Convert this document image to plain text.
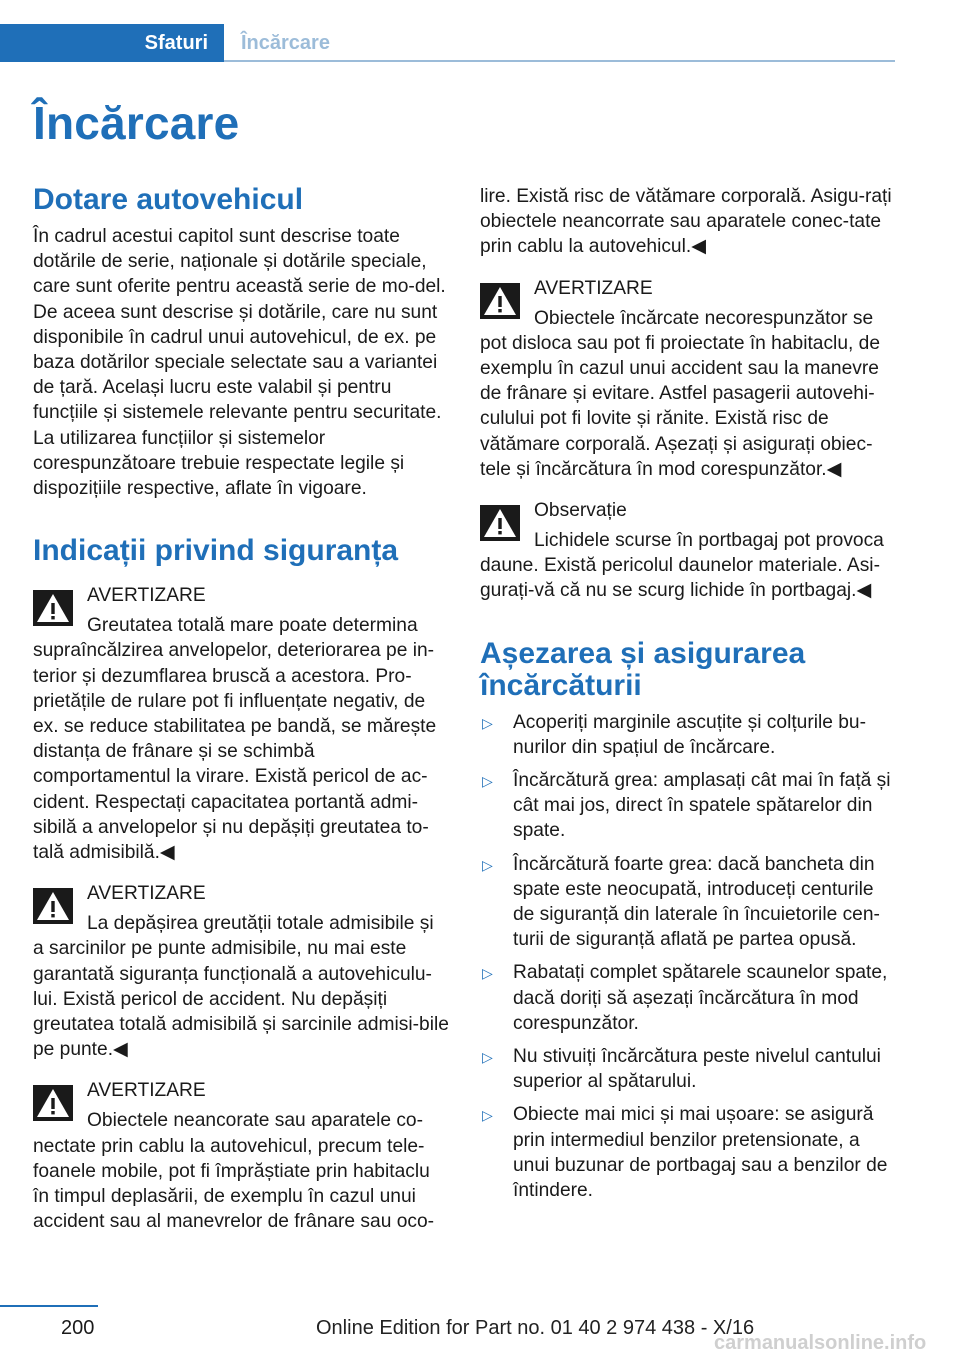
Sfaturi	Încărcare
Încărcare
Dotare autovehicul

În cadrul acestui capitol sunt descrise toate dotările de serie, naționale și dotările speciale, care sunt oferite pentru această serie de mo‐del. De aceea sunt descrise și dotările, care nu sunt disponibile în cadrul unui autovehicul, de ex. pe baza dotărilor speciale selectate sau a variantei de țară. Același lucru este valabil și pentru funcțiile și sistemele relevante pentru securitate. La utilizarea funcțiilor și sistemelor corespunzătoare trebuie respectate legile și dispozițiile respective, aflate în vigoare.

Indicații privind siguranța
AVERTIZARE
Greutatea totală mare poate determina
supraîncălzirea anvelopelor, deteriorarea pe in‐terior și dezumflarea bruscă a acestora. Pro‐prietățile de rulare pot fi influențate negativ, de ex. se reduce stabilitatea pe bandă, se mărește distanța de frânare și se schimbă comportamentul la virare. Există pericol de ac‐cident. Respectați capacitatea portantă admi‐sibilă a anvelopelor și nu depășiți greutatea to‐tală admisibilă.◀
AVERTIZARE
La depășirea greutății totale admisibile și
a sarcinilor pe punte admisibile, nu mai este garantată siguranța funcțională a autovehiculu‐lui. Există pericol de accident. Nu depășiți greutatea totală admisibilă și sarcinile admisi‐bile pe punte.◀
AVERTIZARE
Obiectele neancorate sau aparatele co‐
nectate prin cablu la autovehicul, precum tele‐foanele mobile, pot fi împrăștiate prin habitaclu în timpul deplasării, de exemplu în cazul unui accident sau al manevrelor de frânare sau oco‐

lire. Există risc de vătămare corporală. Asigu‐rați obiectele neancorrate sau aparatele conec‐tate prin cablu la autovehicul.◀

AVERTIZARE
Obiectele încărcate necorespunzător se
pot disloca sau pot fi proiectate în habitaclu, de exemplu în cazul unui accident sau la manevre de frânare și evitare. Astfel pasagerii autovehi‐culului pot fi lovite și rănite. Există risc de vătămare corporală. Așezați și asigurați obiec‐tele și încărcătura în mod corespunzător.◀
Observație
Lichidele scurse în portbagaj pot provoca
daune. Există pericolul daunelor materiale. Asi‐gurați-vă că nu se scurg lichide în portbagaj.◀
Așezarea și asigurarea încărcăturii
▷	Acoperiți marginile ascuțite și colțurile bu‐nurilor din spațiul de încărcare.
▷	Încărcătură grea: amplasați cât mai în față și cât mai jos, direct în spatele spătarelor din spate.
▷	Încărcătură foarte grea: dacă bancheta din spate este neocupată, introduceți centurile de siguranță din laterale în încuietorile cen‐turii de siguranță aflată pe partea opusă.
▷	Rabatați complet spătarele scaunelor spate, dacă doriți să așezați încărcătura în mod corespunzător.
▷	Nu stivuiți încărcătura peste nivelul cantului superior al spătarului.
▷	Obiecte mai mici și mai ușoare: se asigură prin intermediul benzilor pretensionate, a unui buzunar de portbagaj sau a benzilor de întindere.
200	Online Edition for Part no. 01 40 2 974 438 - X/16
carmanualsonline.info
